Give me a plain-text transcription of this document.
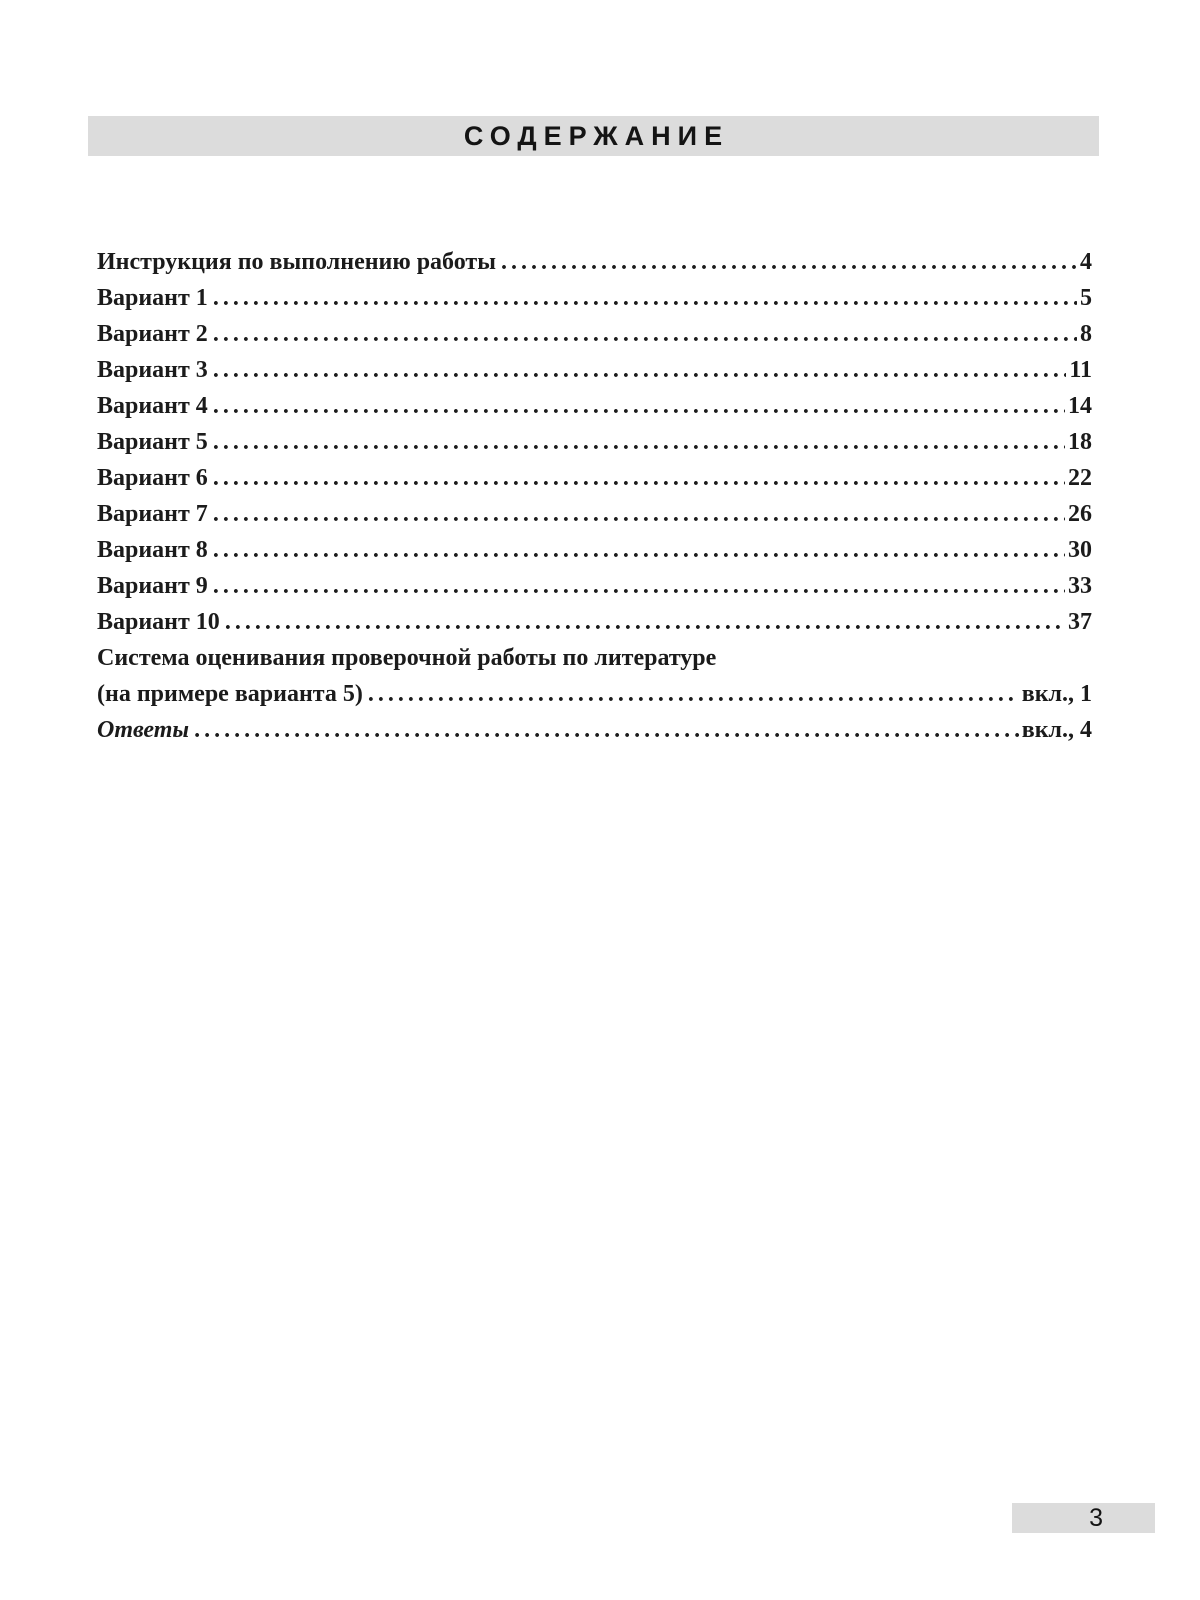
СОДЕРЖАНИЕ
Инструкция по выполнению работы .....	4
Вариант 1 .....	5
Вариант 2 .....	8
Вариант 3 .....	11
Вариант 4 .....	14
Вариант 5 .....	18
Вариант 6 .....	22
Вариант 7 .....	26
Вариант 8 .....	30
Вариант 9 .....	33
Вариант 10 .....	37
Система оценивания проверочной работы по литературе
(на примере варианта 5) .....	вкл., 1
Ответы .....	вкл., 4
3
